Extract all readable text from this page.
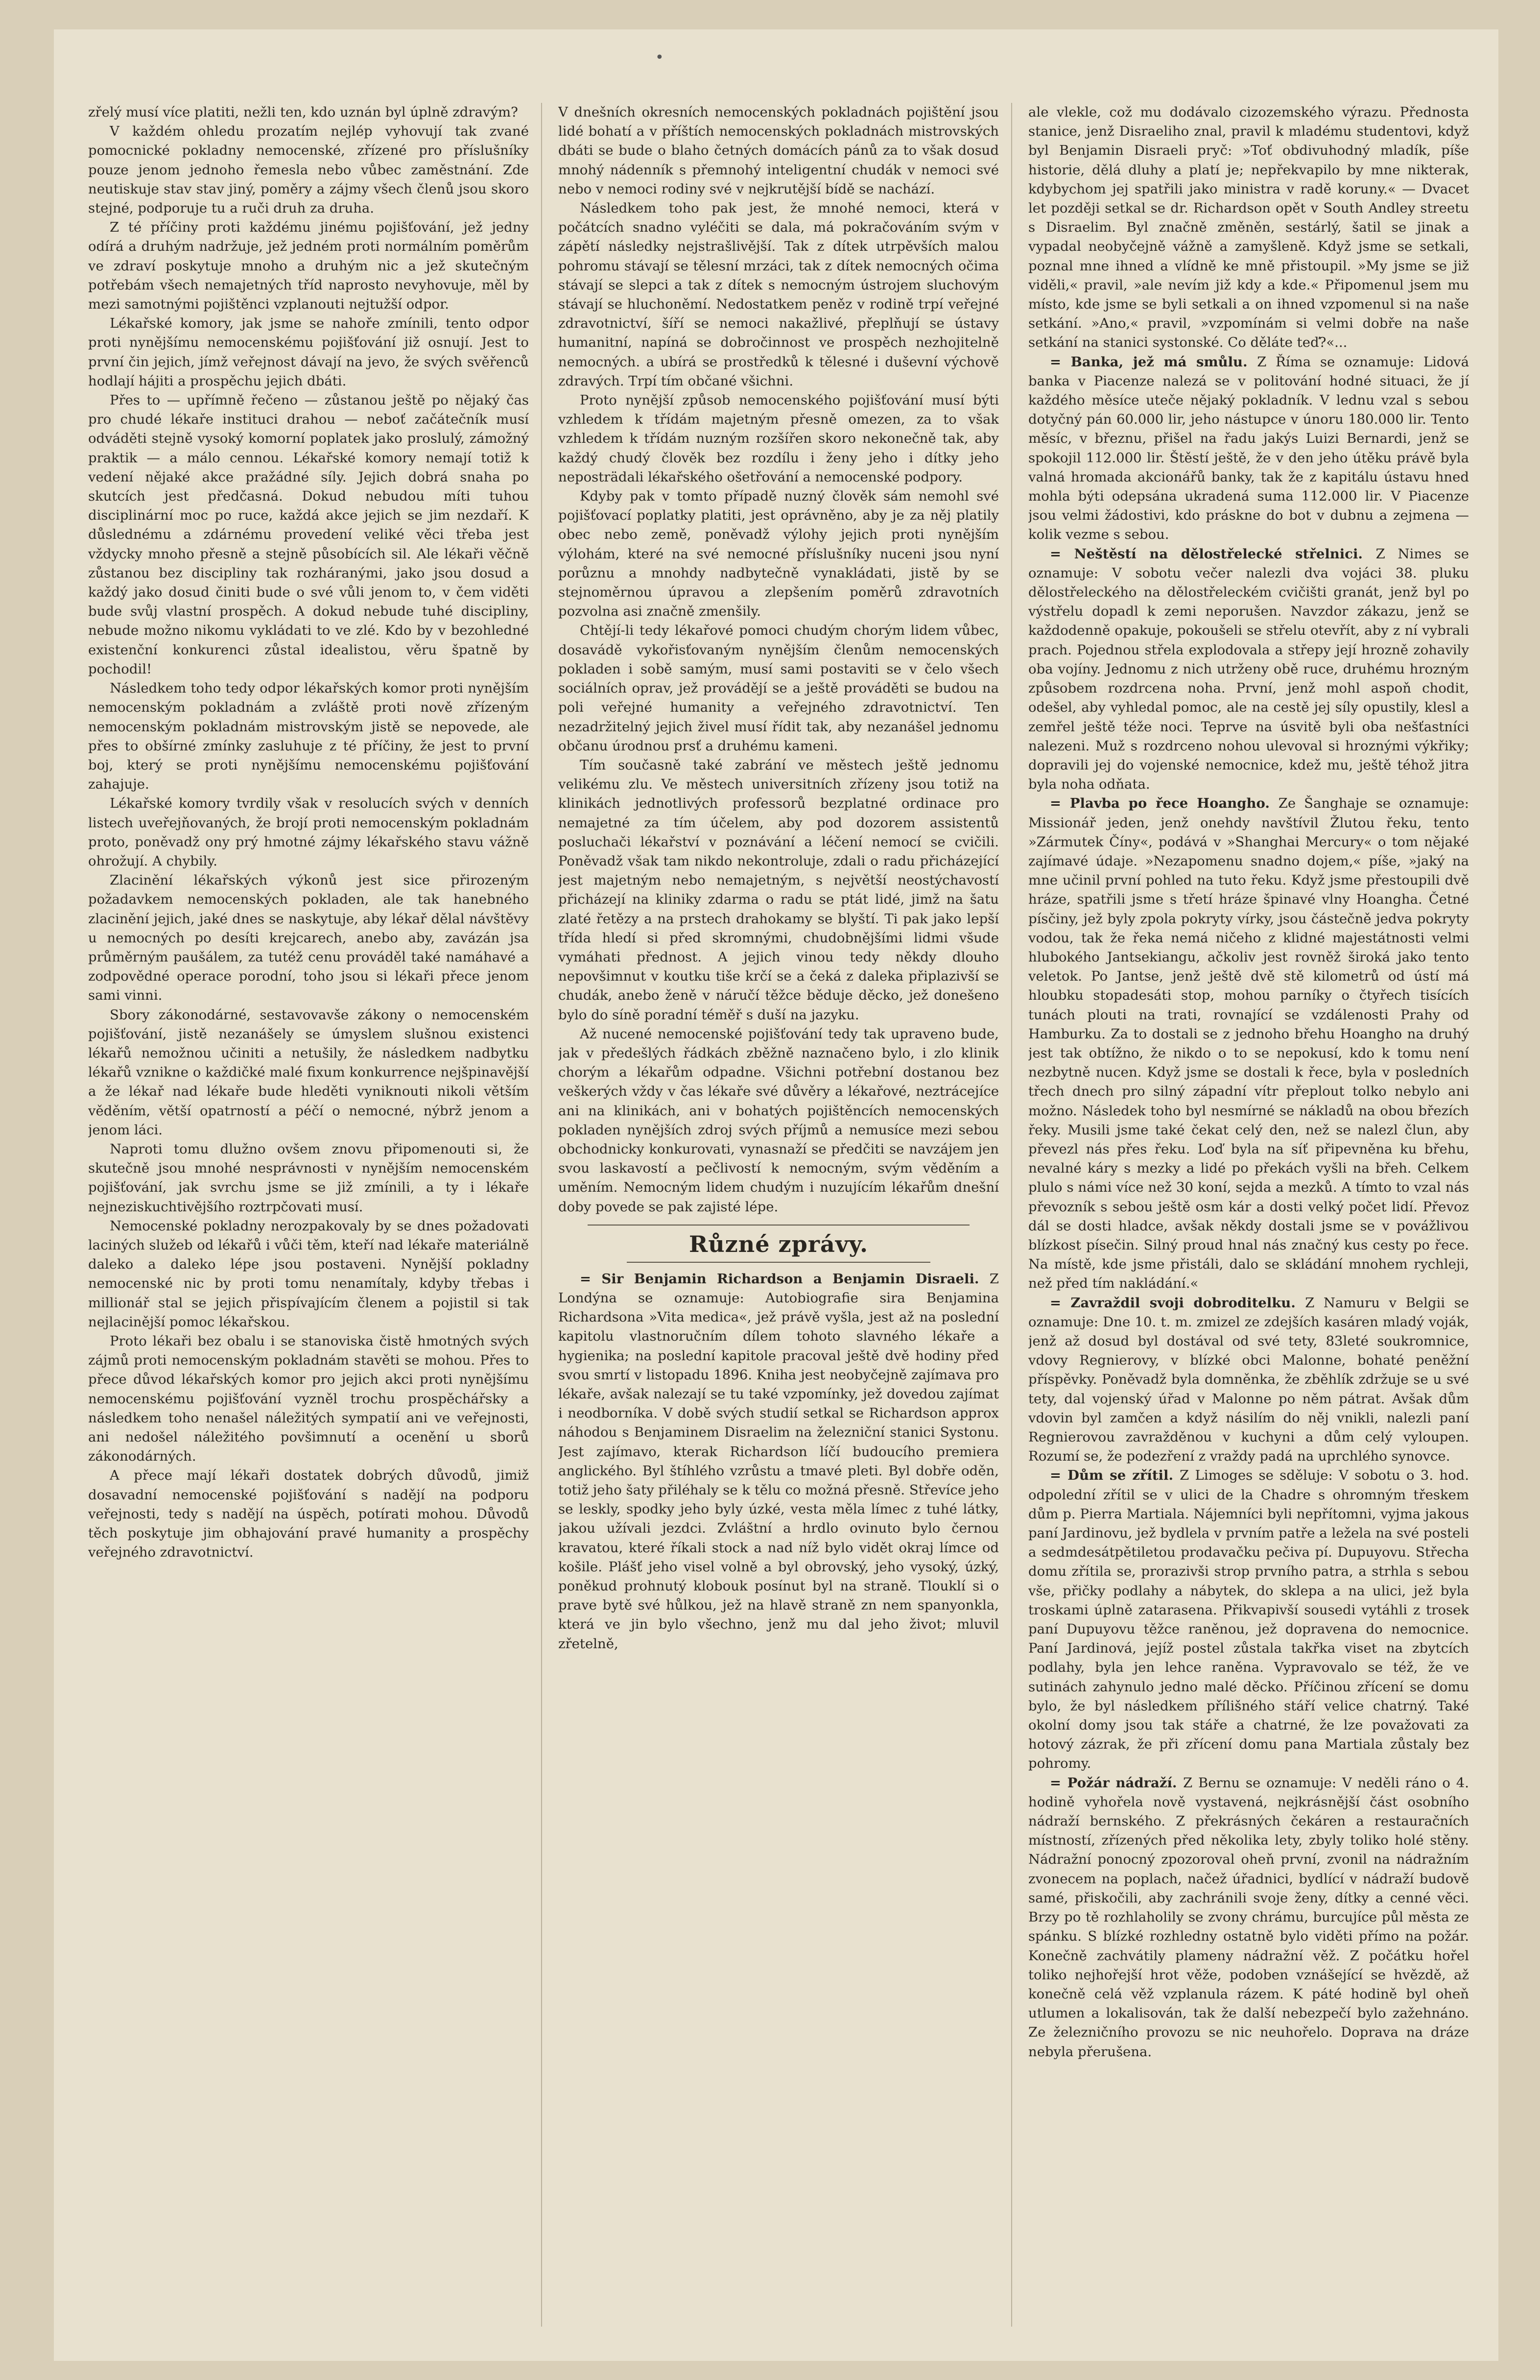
•

zřelý musí více platiti, nežli ten, kdo uznán byl úplně zdravým?

V každém ohledu prozatím nejlép vyhovují tak zvané pomocnické pokladny nemocenské, zřízené pro příslušníky pouze jenom jednoho řemesla nebo vůbec zaměstnání. Zde neutiskuje stav stav jiný, poměry a zájmy všech členů jsou skoro stejné, podporuje tu a ruči druh za druha.

Z té příčiny proti každému jinému pojišťování, jež jedny odírá a druhým nadržuje, jež jedném proti normálním poměrům ve zdraví poskytuje mnoho a druhým nic a jež skutečným potřebám všech nemajetných tříd naprosto nevyhovuje, měl by mezi samotnými pojištěnci vzplanouti nejtužší odpor.

Lékařské komory, jak jsme se nahoře zmínili, tento odpor proti nynějšímu nemocenskému pojišťování již osnují. Jest to první čin jejich, jímž veřejnost dávají na jevo, že svých svěřenců hodlají hájiti a prospěchu jejich dbáti.

Přes to — upřímně řečeno — zůstanou ještě po nějaký čas pro chudé lékaře instituci drahou — neboť začátečník musí odváděti stejně vysoký komorní poplatek jako proslulý, zámožný praktik — a málo cennou. Lékařské komory nemají totiž k vedení nějaké akce pražádné síly. Jejich dobrá snaha po skutcích jest předčasná. Dokud nebudou míti tuhou disciplinární moc po ruce, každá akce jejich se jim nezdaří. K důslednému a zdárnému provedení veliké věci třeba jest vždycky mnoho přesně a stejně působících sil. Ale lékaři věčně zůstanou bez discipliny tak rozháranými, jako jsou dosud a každý jako dosud činiti bude o své vůli jenom to, v čem viděti bude svůj vlastní prospěch. A dokud nebude tuhé discipliny, nebude možno nikomu vykládati to ve zlé. Kdo by v bezohledné existenční konkurenci zůstal idealistou, věru špatně by pochodil!

Následkem toho tedy odpor lékařských komor proti nynějším nemocenským pokladnám a zvláště proti nově zřízeným nemocenským pokladnám mistrovským jistě se nepovede, ale přes to obšírné zmínky zasluhuje z té příčiny, že jest to první boj, který se proti nynějšímu nemocenskému pojišťování zahajuje.

Lékařské komory tvrdily však v resolucích svých v denních listech uveřejňovaných, že brojí proti nemocenským pokladnám proto, poněvadž ony prý hmotné zájmy lékařského stavu vážně ohrožují. A chybily.

Zlacinění lékařských výkonů jest sice přirozeným požadavkem nemocenských pokladen, ale tak hanebného zlacinění jejich, jaké dnes se naskytuje, aby lékař dělal návštěvy u nemocných po desíti krejcarech, anebo aby, zavázán jsa průměrným paušálem, za tutéž cenu prováděl také namáhavé a zodpovědné operace porodní, toho jsou si lékaři přece jenom sami vinni.

Sbory zákonodárné, sestavovavše zákony o nemocenském pojišťování, jistě nezanášely se úmyslem slušnou existenci lékařů nemožnou učiniti a netušily, že následkem nadbytku lékařů vznikne o každičké malé fixum konkurrence nejšpinavější a že lékař nad lékaře bude hleděti vyniknouti nikoli větším věděním, větší opatrností a péčí o nemocné, nýbrž jenom a jenom láci.

Naproti tomu dlužno ovšem znovu připomenouti si, že skutečně jsou mnohé nesprávnosti v nynějším nemocenském pojišťování, jak svrchu jsme se již zmínili, a ty i lékaře nejneziskuchtivějšího roztrpčovati musí.

Nemocenské pokladny nerozpakovaly by se dnes požadovati laciných služeb od lékařů i vůči těm, kteří nad lékaře materiálně daleko a daleko lépe jsou postaveni. Nynější pokladny nemocenské nic by proti tomu nenamítaly, kdyby třebas i millionář stal se jejich přispívajícím členem a pojistil si tak nejlacinější pomoc lékařskou.

Proto lékaři bez obalu i se stanoviska čistě hmotných svých zájmů proti nemocenským pokladnám stavěti se mohou. Přes to přece důvod lékařských komor pro jejich akci proti nynějšímu nemocenskému pojišťování vyzněl trochu prospěchářsky a následkem toho nenašel náležitých sympatií ani ve veřejnosti, ani nedošel náležitého povšimnutí a ocenění u sborů zákonodárných.

A přece mají lékaři dostatek dobrých důvodů, jimiž dosavadní nemocenské pojišťování s nadějí na podporu veřejnosti, tedy s nadějí na úspěch, potírati mohou. Důvodů těch poskytuje jim obhajování pravé humanity a prospěchy veřejného zdravotnictví.

V dnešních okresních nemocenských pokladnách pojištění jsou lidé bohatí a v příštích nemocenských pokladnách mistrovských dbáti se bude o blaho četných domácích pánů za to však dosud mnohý nádenník s přemnohý inteligentní chudák v nemoci své nebo v nemoci rodiny své v nejkrutější bídě se nachází.

Následkem toho pak jest, že mnohé nemoci, která v počátcích snadno vyléčiti se dala, má pokračováním svým v zápětí následky nejstrašlivější. Tak z dítek utrpěvších malou pohromu stávají se tělesní mrzáci, tak z dítek nemocných očima stávají se slepci a tak z dítek s nemocným ústrojem sluchovým stávají se hluchoněmí. Nedostatkem peněz v rodině trpí veřejné zdravotnictví, šíří se nemoci nakažlivé, přeplňují se ústavy humanitní, napíná se dobročinnost ve prospěch nezhojitelně nemocných. a ubírá se prostředků k tělesné i duševní výchově zdravých. Trpí tím občané všichni.

Proto nynější způsob nemocenského pojišťování musí býti vzhledem k třídám majetným přesně omezen, za to však vzhledem k třídám nuzným rozšířen skoro nekonečně tak, aby každý chudý člověk bez rozdílu i ženy jeho i dítky jeho neposträdali lékařského ošetřování a nemocenské podpory.

Kdyby pak v tomto případě nuzný člověk sám nemohl své pojišťovací poplatky platiti, jest oprávněno, aby je za něj platily obec nebo země, poněvadž výlohy jejich proti nynějším výlohám, které na své nemocné příslušníky nuceni jsou nyní porůznu a mnohdy nadbytečně vynakládati, jistě by se stejnoměrnou úpravou a zlepšením poměrů zdravotních pozvolna asi značně zmenšily.

Chtějí-li tedy lékařové pomoci chudým chorým lidem vůbec, dosavádě vykořisťovaným nynějším členům nemocenských pokladen i sobě samým, musí sami postaviti se v čelo všech sociálních oprav, jež provádějí se a ještě prováděti se budou na poli veřejné humanity a veřejného zdravotnictví. Ten nezadržitelný jejich živel musí řídit tak, aby nezanášel jednomu občanu úrodnou prsť a druhému kameni.

Tím současně také zabrání ve městech ještě jednomu velikému zlu. Ve městech universitních zřízeny jsou totiž na klinikách jednotlivých professorů bezplatné ordinace pro nemajetné za tím účelem, aby pod dozorem assistentů posluchači lékařství v poznávání a léčení nemocí se cvičili. Poněvadž však tam nikdo nekontroluje, zdali o radu přicházející jest majetným nebo nemajetným, s největší neostýchavostí přicházejí na kliniky zdarma o radu se ptát lidé, jimž na šatu zlaté řetězy a na prstech drahokamy se blyští. Ti pak jako lepší třída hledí si před skromnými, chudobnějšími lidmi všude vymáhati přednost. A jejich vinou tedy někdy dlouho nepovšimnut v koutku tiše krčí se a čeká z daleka připlazivší se chudák, anebo ženě v náručí těžce běduje děcko, jež donešeno bylo do síně poradní téměř s duší na jazyku.

Až nucené nemocenské pojišťování tedy tak upraveno bude, jak v předešlých řádkách zběžně naznačeno bylo, i zlo klinik chorým a lékařům odpadne. Všichni potřební dostanou bez veškerých vždy v čas lékaře své důvěry a lékařové, neztrácejíce ani na klinikách, ani v bohatých pojištěncích nemocenských pokladen nynějších zdroj svých příjmů a nemusíce mezi sebou obchodnicky konkurovati, vynasnaží se předčiti se navzájem jen svou laskavostí a pečlivostí k nemocným, svým věděním a uměním. Nemocným lidem chudým i nuzujícím lékařům dnešní doby povede se pak zajisté lépe.

Různé zprávy.

= Sir Benjamin Richardson a Benjamin Disraeli. Z Londýna se oznamuje: Autobiografie sira Benjamina Richardsona »Vita medica«, jež právě vyšla, jest až na poslední kapitolu vlastnoručním dílem tohoto slavného lékaře a hygienika; na poslední kapitole pracoval ještě dvě hodiny před svou smrtí v listopadu 1896. Kniha jest neobyčejně zajímava pro lékaře, avšak nalezají se tu také vzpomínky, jež dovedou zajímat i neodborníka. V době svých studií setkal se Richardson approx náhodou s Benjaminem Disraelim na železniční stanici Systonu. Jest zajímavo, kterak Richardson líčí budoucího premiera anglického. Byl štíhlého vzrůstu a tmavé pleti. Byl dobře oděn, totiž jeho šaty přiléhaly se k tělu co možná přesně. Střevíce jeho se leskly, spodky jeho byly úzké, vesta měla límec z tuhé látky, jakou užívali jezdci. Zvláštní a hrdlo ovinuto bylo černou kravatou, které říkali stock a nad níž bylo vidět okraj límce od košile. Plášť jeho visel volně a byl obrovský, jeho vysoký, úzký, poněkud prohnutý klobouk posínut byl na straně. Tlouklí si o prave bytě své hůlkou, jež na hlavě straně zn nem spanyonkla, která ve jin bylo všechno, jenž mu dal jeho život; mluvil zřetelně,

ale vlekle, což mu dodávalo cizozemského výrazu. Přednosta stanice, jenž Disraeliho znal, pravil k mladému studentovi, když byl Benjamin Disraeli pryč: »Toť obdivuhodný mladík, píše historie, dělá dluhy a platí je; nepřekvapilo by mne nikterak, kdybychom jej spatřili jako ministra v radě koruny.« — Dvacet let později setkal se dr. Richardson opět v South Andley streetu s Disraelim. Byl značně změněn, sestárlý, šatil se jinak a vypadal neobyčejně vážně a zamyšleně. Když jsme se setkali, poznal mne ihned a vlídně ke mně přistoupil. »My jsme se již viděli,« pravil, »ale nevím již kdy a kde.« Připomenul jsem mu místo, kde jsme se byli setkali a on ihned vzpomenul si na naše setkání. »Ano,« pravil, »vzpomínám si velmi dobře na naše setkání na stanici systonské. Co děláte teď?«...

= Banka, jež má smůlu. Z Říma se oznamuje: Lidová banka v Piacenze nalezá se v politování hodné situaci, že jí každého měsíce uteče nějaký pokladník. V lednu vzal s sebou dotyčný pán 60.000 lir, jeho nástupce v únoru 180.000 lir. Tento měsíc, v březnu, přišel na řadu jakýs Luizi Bernardi, jenž se spokojil 112.000 lir. Štěstí ještě, že v den jeho útěku právě byla valná hromada akcionářů banky, tak že z kapitálu ústavu hned mohla býti odepsána ukradená suma 112.000 lir. V Piacenze jsou velmi žádostivi, kdo práskne do bot v dubnu a zejmena — kolik vezme s sebou.

= Neštěstí na dělostřelecké střelnici. Z Nimes se oznamuje: V sobotu večer nalezli dva vojáci 38. pluku dělostřeleckého na dělostřeleckém cvičišti granát, jenž byl po výstřelu dopadl k zemi neporušen. Navzdor zákazu, jenž se každodenně opakuje, pokoušeli se střelu otevřít, aby z ní vybrali prach. Pojednou střela explodovala a střepy její hrozně zohavily oba vojíny. Jednomu z nich utrženy obě ruce, druhému hrozným způsobem rozdrcena noha. První, jenž mohl aspoň chodit, odešel, aby vyhledal pomoc, ale na cestě jej síly opustily, klesl a zemřel ještě téže noci. Teprve na úsvitě byli oba nešťastníci nalezeni. Muž s rozdrceno nohou ulevoval si hroznými výkřiky; dopravili jej do vojenské nemocnice, kdež mu, ještě téhož jitra byla noha odňata.

= Plavba po řece Hoangho. Ze Šanghaje se oznamuje: Missionář jeden, jenž onehdy navštívil Žlutou řeku, tento »Zármutek Číny«, podává v »Shanghai Mercury« o tom nějaké zajímavé údaje. »Nezapomenu snadno dojem,« píše, »jaký na mne učinil první pohled na tuto řeku. Když jsme přestoupili dvě hráze, spatřili jsme s třetí hráze špinavé vlny Hoangha. Četné písčiny, jež byly zpola pokryty vírky, jsou částečně jedva pokryty vodou, tak že řeka nemá ničeho z klidné majestátnosti velmi hlubokého Jantsekiangu, ačkoliv jest rovněž široká jako tento veletok. Po Jantse, jenž ještě dvě stě kilometrů od ústí má hloubku stopadesáti stop, mohou parníky o čtyřech tisících tunách plouti na trati, rovnající se vzdálenosti Prahy od Hamburku. Za to dostali se z jednoho břehu Hoangho na druhý jest tak obtížno, že nikdo o to se nepokusí, kdo k tomu není nezbytně nucen. Když jsme se dostali k řece, byla v posledních třech dnech pro silný západní vítr přeplout tolko nebylo ani možno. Následek toho byl nesmírné se nákladů na obou březích řeky. Musili jsme také čekat celý den, než se nalezl člun, aby převezl nás přes řeku. Loď byla na síť připevněna ku břehu, nevalné káry s mezky a lidé po překách vyšli na břeh. Celkem plulo s námi více než 30 koní, sejda a mezků. A tímto to vzal nás převozník s sebou ještě osm kár a dosti velký počet lidí. Převoz dál se dosti hladce, avšak někdy dostali jsme se v povážlivou blízkost písečin. Silný proud hnal nás značný kus cesty po řece. Na místě, kde jsme přistáli, dalo se skládání mnohem rychleji, než před tím nakládání.«

= Zavraždil svoji dobroditelku. Z Namuru v Belgii se oznamuje: Dne 10. t. m. zmizel ze zdejších kasáren mladý voják, jenž až dosud byl dostával od své tety, 83leté soukromnice, vdovy Regnierovy, v blízké obci Malonne, bohaté peněžní příspěvky. Poněvadž byla domněnka, že zběhlík zdržuje se u své tety, dal vojenský úřad v Malonne po něm pátrat. Avšak dům vdovin byl zamčen a když násilím do něj vnikli, nalezli paní Regnierovou zavražděnou v kuchyni a dům celý vyloupen. Rozumí se, že podezření z vraždy padá na uprchlého synovce.

= Dům se zřítil. Z Limoges se sděluje: V sobotu o 3. hod. odpolední zřítil se v ulici de la Chadre s ohromným třeskem dům p. Pierra Martiala. Nájemníci byli nepřítomni, vyjma jakous paní Jardinovu, jež bydlela v prvním patře a ležela na své posteli a sedmdesátpětiletou prodavačku pečiva pí. Dupuyovu. Střecha domu zřítila se, prorazivši strop prvního patra, a strhla s sebou vše, přičky podlahy a nábytek, do sklepa a na ulici, jež byla troskami úplně zatarasena. Přikvapivší sousedi vytáhli z trosek paní Dupuyovu těžce raněnou, jež dopravena do nemocnice. Paní Jardinová, jejíž postel zůstala takřka viset na zbytcích podlahy, byla jen lehce raněna. Vypravovalo se též, že ve sutinách zahynulo jedno malé děcko. Příčinou zřícení se domu bylo, že byl následkem přílišného stáří velice chatrný. Také okolní domy jsou tak stáře a chatrné, že lze považovati za hotový zázrak, že při zřícení domu pana Martiala zůstaly bez pohromy.

= Požár nádraží. Z Bernu se oznamuje: V neděli ráno o 4. hodině vyhořela nově vystavená, nejkrásnější část osobního nádraží bernského. Z překrásných čekáren a restauračních místností, zřízených před několika lety, zbyly toliko holé stěny. Nádražní ponocný zpozoroval oheň první, zvonil na nádražním zvonecem na poplach, načež úřadnici, bydlící v nádraží budově samé, přiskočili, aby zachránili svoje ženy, dítky a cenné věci. Brzy po tě rozhlaholily se zvony chrámu, burcujíce půl města ze spánku. S blízké rozhledny ostatně bylo viděti přímo na požár. Konečně zachvátily plameny nádražní věž. Z počátku hořel toliko nejhořejší hrot věže, podoben vznášející se hvězdě, až konečně celá věž vzplanula rázem. K páté hodině byl oheň utlumen a lokalisován, tak že další nebezpečí bylo zažehnáno. Ze železničního provozu se nic neuhořelo. Doprava na dráze nebyla přerušena.
